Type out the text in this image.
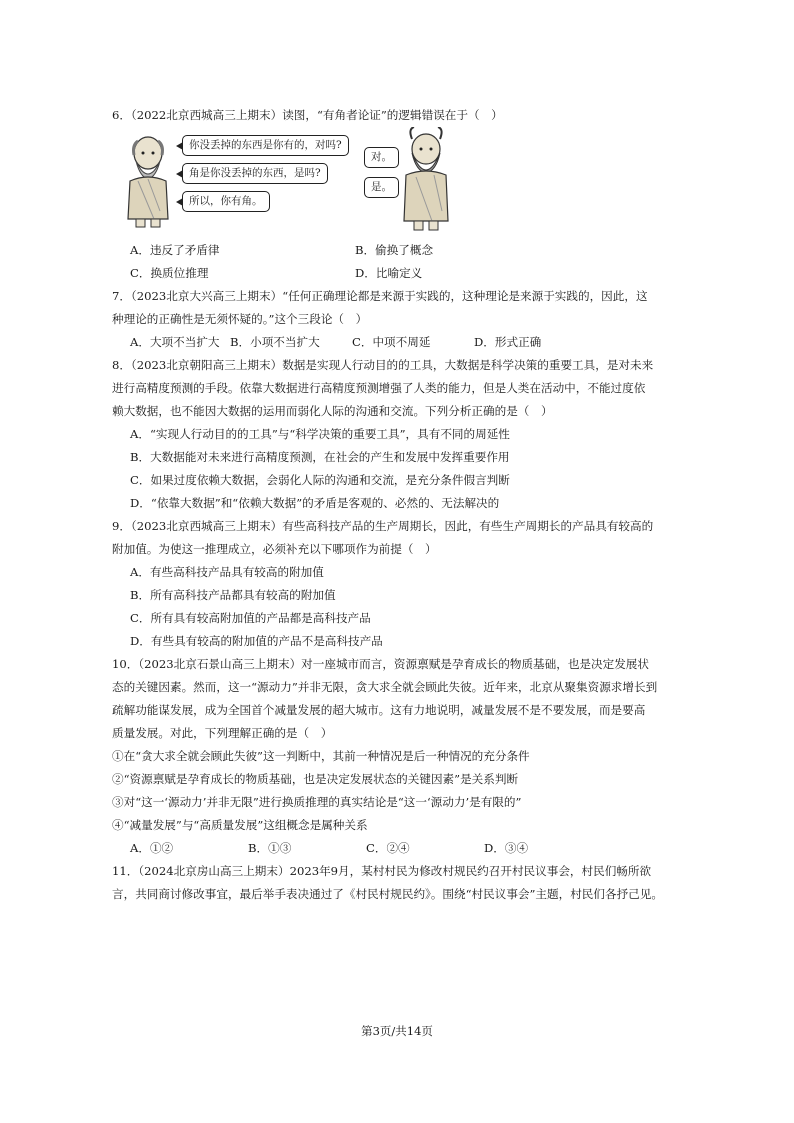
6．（2022北京西城高三上期末）读图，“有角者论证”的逻辑错误在于（　）
你没丢掉的东西是你有的，对吗?
角是你没丢掉的东西，是吗?
所以，你有角。
对。
是。
A．违反了矛盾律	B．偷换了概念
C．换质位推理	D．比喻定义
7．（2023北京大兴高三上期末）“任何正确理论都是来源于实践的，这种理论是来源于实践的，因此，这
种理论的正确性是无须怀疑的。”这个三段论（　）
A．大项不当扩大 B．小项不当扩大	C．中项不周延	D．形式正确
8．（2023北京朝阳高三上期末）数据是实现人行动目的的工具，大数据是科学决策的重要工具，是对未来
进行高精度预测的手段。依靠大数据进行高精度预测增强了人类的能力，但是人类在活动中，不能过度依
赖大数据，也不能因大数据的运用而弱化人际的沟通和交流。下列分析正确的是（　）
A．“实现人行动目的的工具”与“科学决策的重要工具”，具有不同的周延性
B．大数据能对未来进行高精度预测，在社会的产生和发展中发挥重要作用
C．如果过度依赖大数据，会弱化人际的沟通和交流，是充分条件假言判断
D．“依靠大数据”和“依赖大数据”的矛盾是客观的、必然的、无法解决的
9．（2023北京西城高三上期末）有些高科技产品的生产周期长，因此，有些生产周期长的产品具有较高的
附加值。为使这一推理成立，必须补充以下哪项作为前提（　）
A．有些高科技产品具有较高的附加值
B．所有高科技产品都具有较高的附加值
C．所有具有较高附加值的产品都是高科技产品
D．有些具有较高的附加值的产品不是高科技产品
10．（2023北京石景山高三上期末）对一座城市而言，资源禀赋是孕育成长的物质基础，也是决定发展状
态的关键因素。然而，这一“源动力”并非无限，贪大求全就会顾此失彼。近年来，北京从聚集资源求增长到
疏解功能谋发展，成为全国首个减量发展的超大城市。这有力地说明，减量发展不是不要发展，而是要高
质量发展。对此，下列理解正确的是（　）
①在“贪大求全就会顾此失彼”这一判断中，其前一种情况是后一种情况的充分条件
②“资源禀赋是孕育成长的物质基础，也是决定发展状态的关键因素”是关系判断
③对“这一‘源动力’并非无限”进行换质推理的真实结论是“这一‘源动力’是有限的”
④“减量发展”与“高质量发展”这组概念是属种关系
A．①②	B．①③	C．②④	D．③④
11．（2024北京房山高三上期末）2023年9月，某村村民为修改村规民约召开村民议事会，村民们畅所欲
言，共同商讨修改事宜，最后举手表决通过了《村民村规民约》。围绕“村民议事会”主题，村民们各抒己见。
第3页/共14页
